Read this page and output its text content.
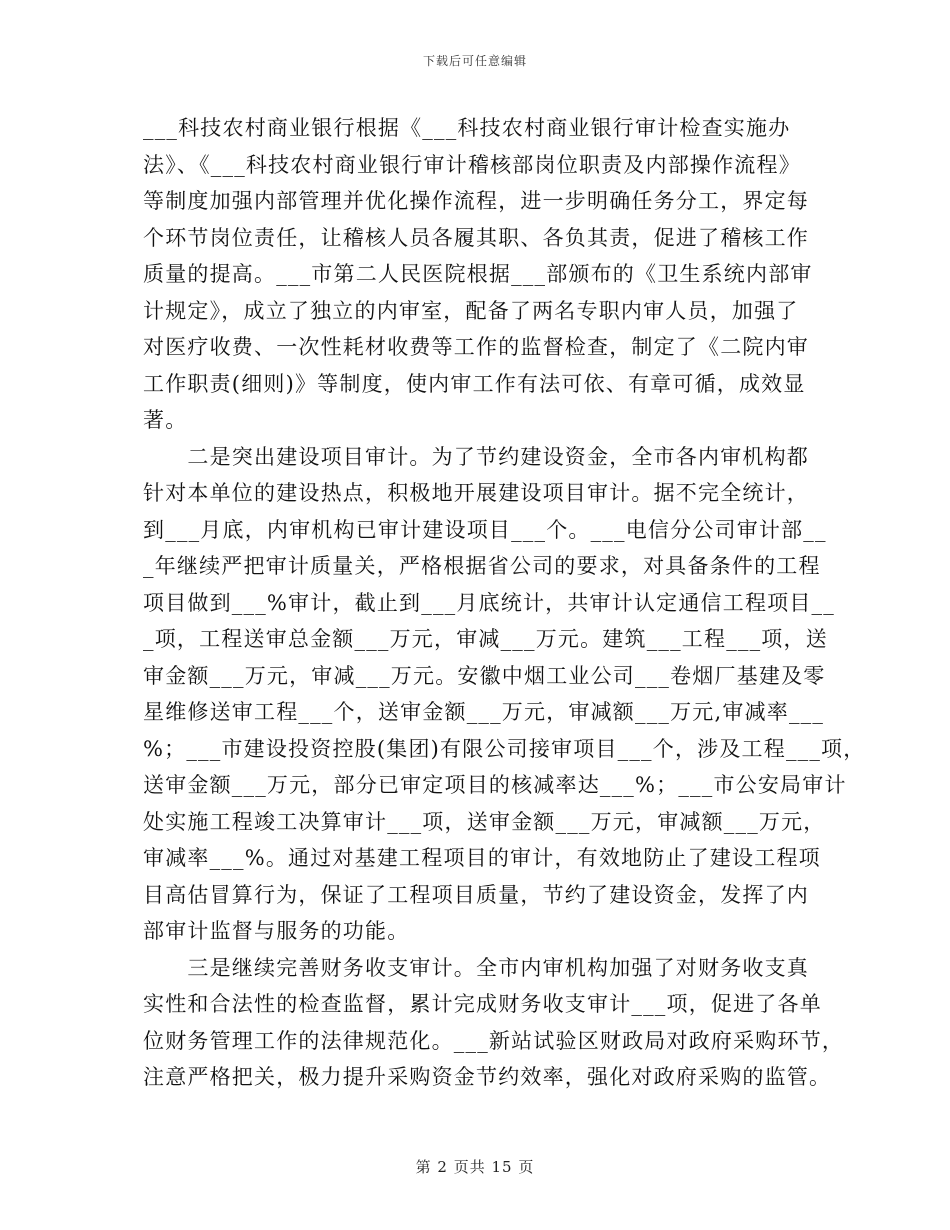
下载后可任意编辑
___科技农村商业银行根据《___科技农村商业银行审计检查实施办
法》、《___科技农村商业银行审计稽核部岗位职责及内部操作流程》
等制度加强内部管理并优化操作流程，进一步明确任务分工，界定每
个环节岗位责任，让稽核人员各履其职、各负其责，促进了稽核工作
质量的提高。___市第二人民医院根据___部颁布的《卫生系统内部审
计规定》，成立了独立的内审室，配备了两名专职内审人员，加强了
对医疗收费、一次性耗材收费等工作的监督检查，制定了《二院内审
工作职责(细则)》等制度，使内审工作有法可依、有章可循，成效显
著。
　　二是突出建设项目审计。为了节约建设资金，全市各内审机构都
针对本单位的建设热点，积极地开展建设项目审计。据不完全统计，
到___月底，内审机构已审计建设项目___个。___电信分公司审计部__
_年继续严把审计质量关，严格根据省公司的要求，对具备条件的工程
项目做到___%审计，截止到___月底统计，共审计认定通信工程项目__
_项，工程送审总金额___万元，审减___万元。建筑___工程___项，送
审金额___万元，审减___万元。安徽中烟工业公司___卷烟厂基建及零
星维修送审工程___个，送审金额___万元，审减额___万元,审减率___
%；___市建设投资控股(集团)有限公司接审项目___个，涉及工程___项，
送审金额___万元，部分已审定项目的核减率达___%；___市公安局审计
处实施工程竣工决算审计___项，送审金额___万元，审减额___万元，
审减率___%。通过对基建工程项目的审计，有效地防止了建设工程项
目高估冒算行为，保证了工程项目质量，节约了建设资金，发挥了内
部审计监督与服务的功能。
　　三是继续完善财务收支审计。全市内审机构加强了对财务收支真
实性和合法性的检查监督，累计完成财务收支审计___项，促进了各单
位财务管理工作的法律规范化。___新站试验区财政局对政府采购环节，
注意严格把关，极力提升采购资金节约效率，强化对政府采购的监管。
第 2 页共 15 页
